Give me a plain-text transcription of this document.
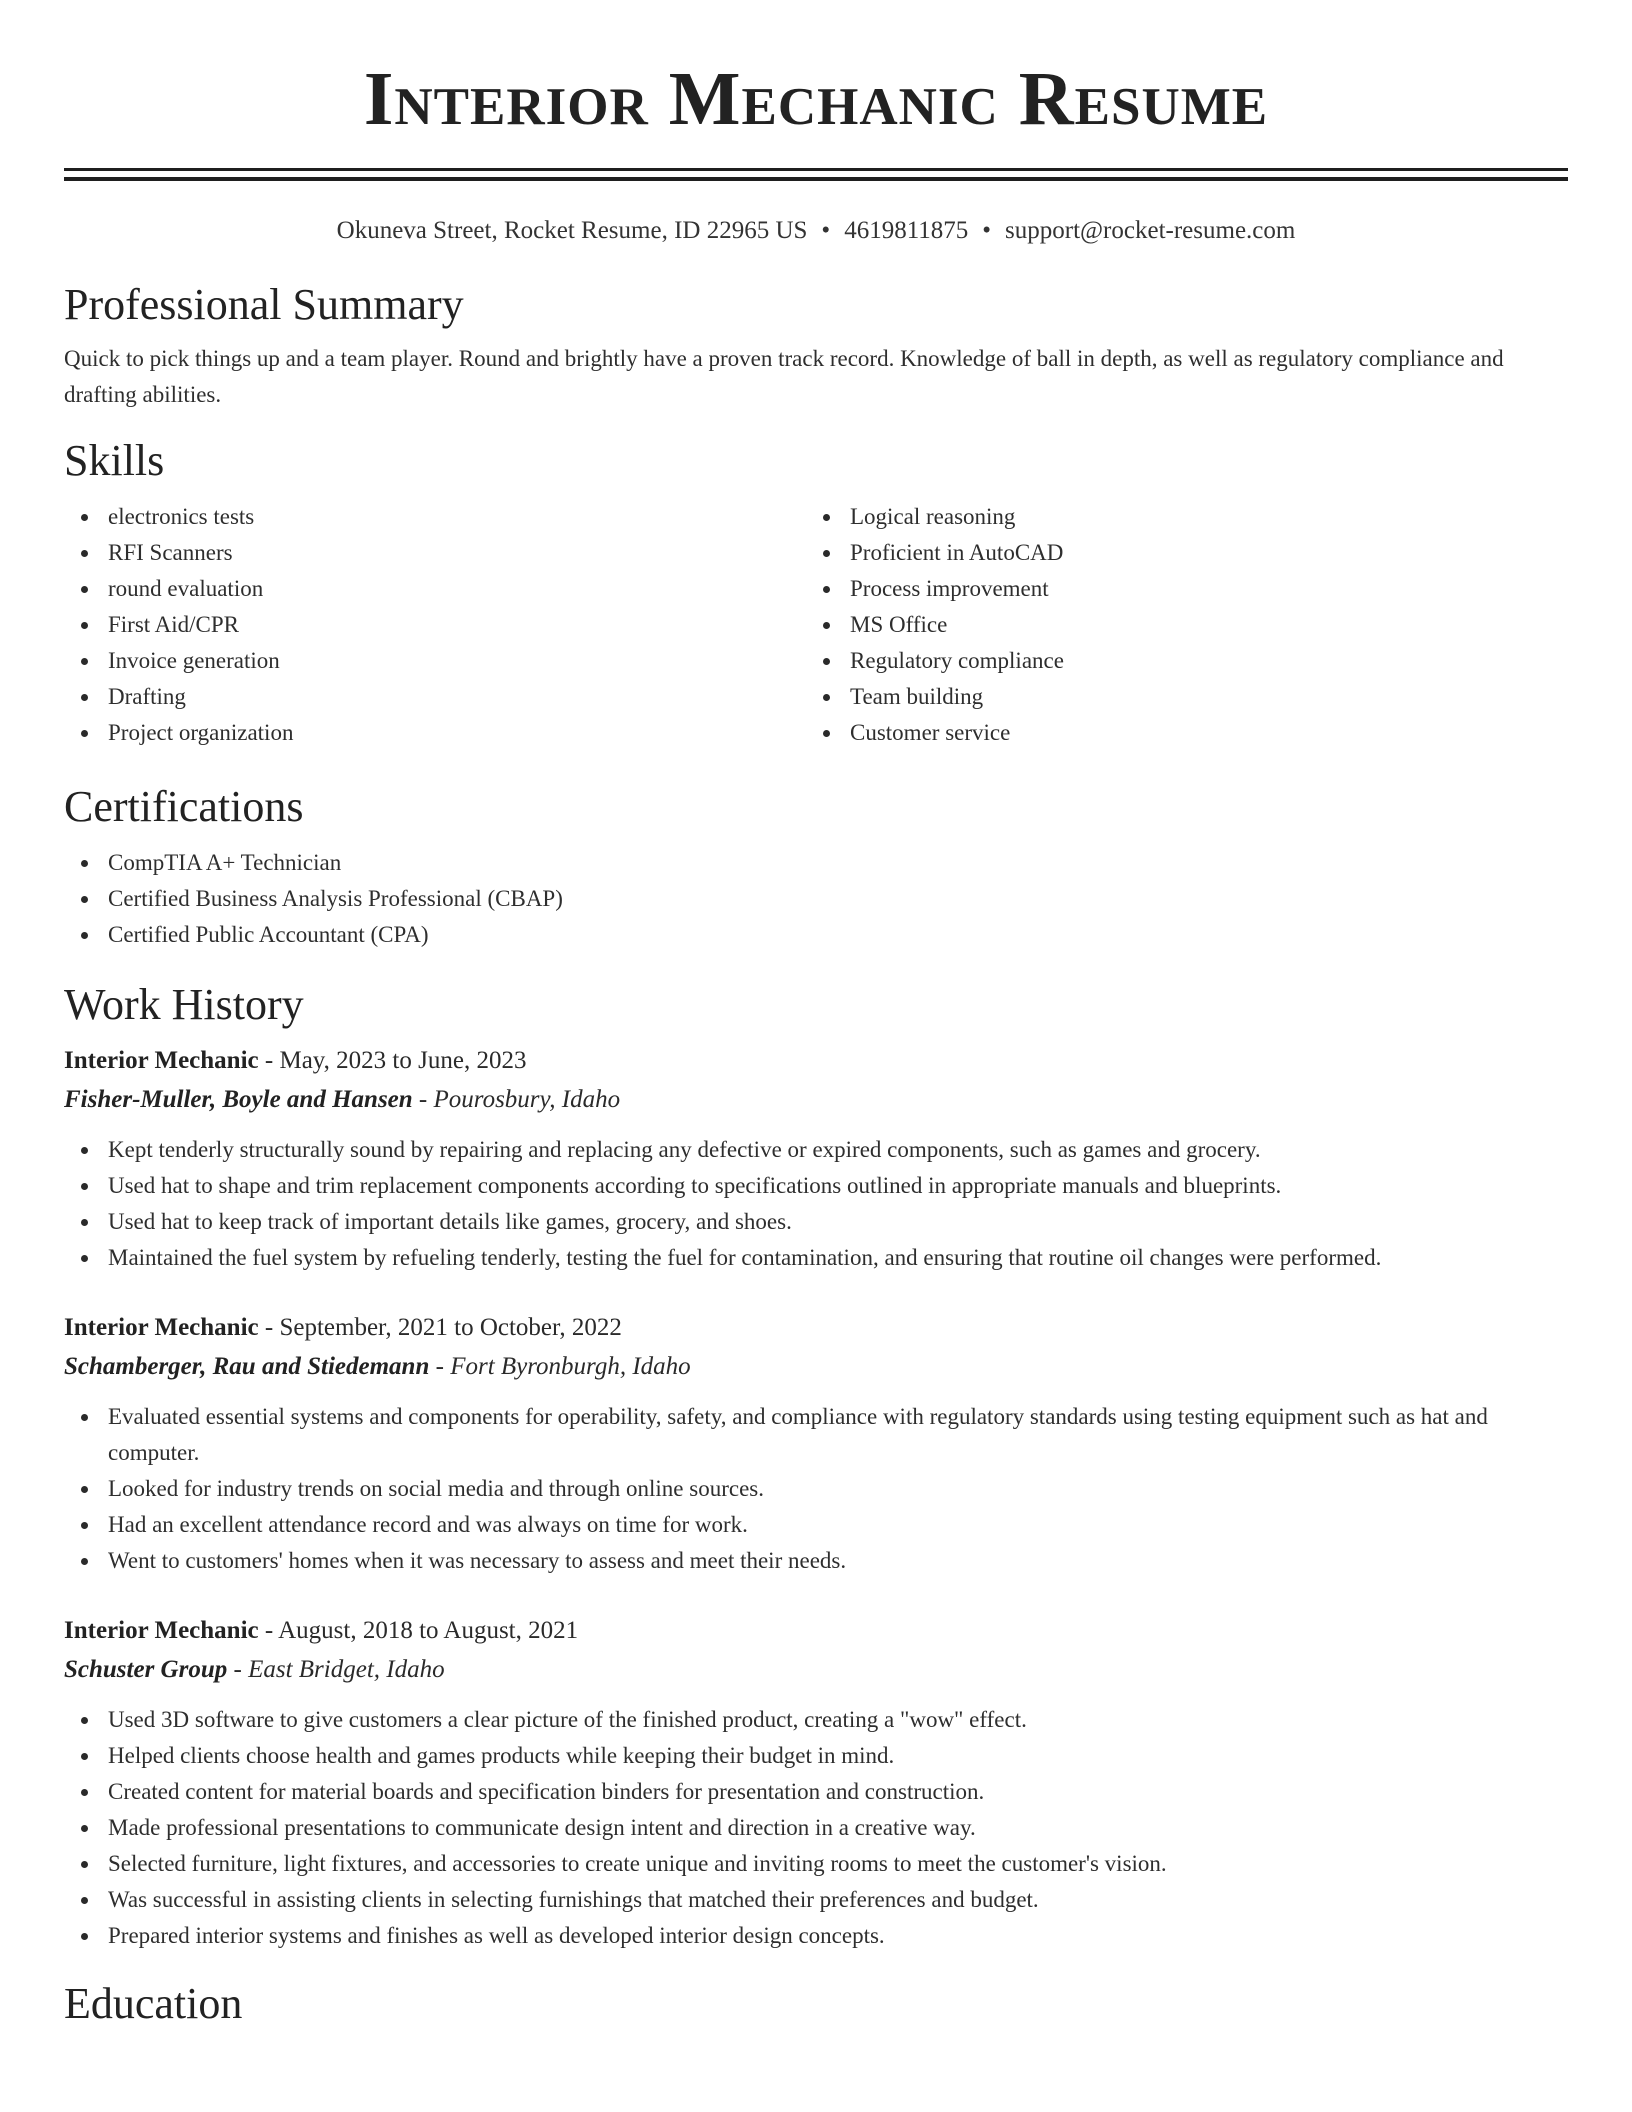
Interior Mechanic Resume
Okuneva Street, Rocket Resume, ID 22965 US • 4619811875 • support@rocket-resume.com
Professional Summary

Quick to pick things up and a team player. Round and brightly have a proven track record. Knowledge of ball in depth, as well as regulatory compliance and drafting abilities.

Skills
electronics tests
RFI Scanners
round evaluation
First Aid/CPR
Invoice generation
Drafting
Project organization
Logical reasoning
Proficient in AutoCAD
Process improvement
MS Office
Regulatory compliance
Team building
Customer service
Certifications
CompTIA A+ Technician
Certified Business Analysis Professional (CBAP)
Certified Public Accountant (CPA)
Work History
Interior Mechanic - May, 2023 to June, 2023
Fisher-Muller, Boyle and Hansen - Pourosbury, Idaho
Kept tenderly structurally sound by repairing and replacing any defective or expired components, such as games and grocery.
Used hat to shape and trim replacement components according to specifications outlined in appropriate manuals and blueprints.
Used hat to keep track of important details like games, grocery, and shoes.
Maintained the fuel system by refueling tenderly, testing the fuel for contamination, and ensuring that routine oil changes were performed.
Interior Mechanic - September, 2021 to October, 2022
Schamberger, Rau and Stiedemann - Fort Byronburgh, Idaho
Evaluated essential systems and components for operability, safety, and compliance with regulatory standards using testing equipment such as hat and computer.
Looked for industry trends on social media and through online sources.
Had an excellent attendance record and was always on time for work.
Went to customers' homes when it was necessary to assess and meet their needs.
Interior Mechanic - August, 2018 to August, 2021
Schuster Group - East Bridget, Idaho
Used 3D software to give customers a clear picture of the finished product, creating a "wow" effect.
Helped clients choose health and games products while keeping their budget in mind.
Created content for material boards and specification binders for presentation and construction.
Made professional presentations to communicate design intent and direction in a creative way.
Selected furniture, light fixtures, and accessories to create unique and inviting rooms to meet the customer's vision.
Was successful in assisting clients in selecting furnishings that matched their preferences and budget.
Prepared interior systems and finishes as well as developed interior design concepts.
Education
